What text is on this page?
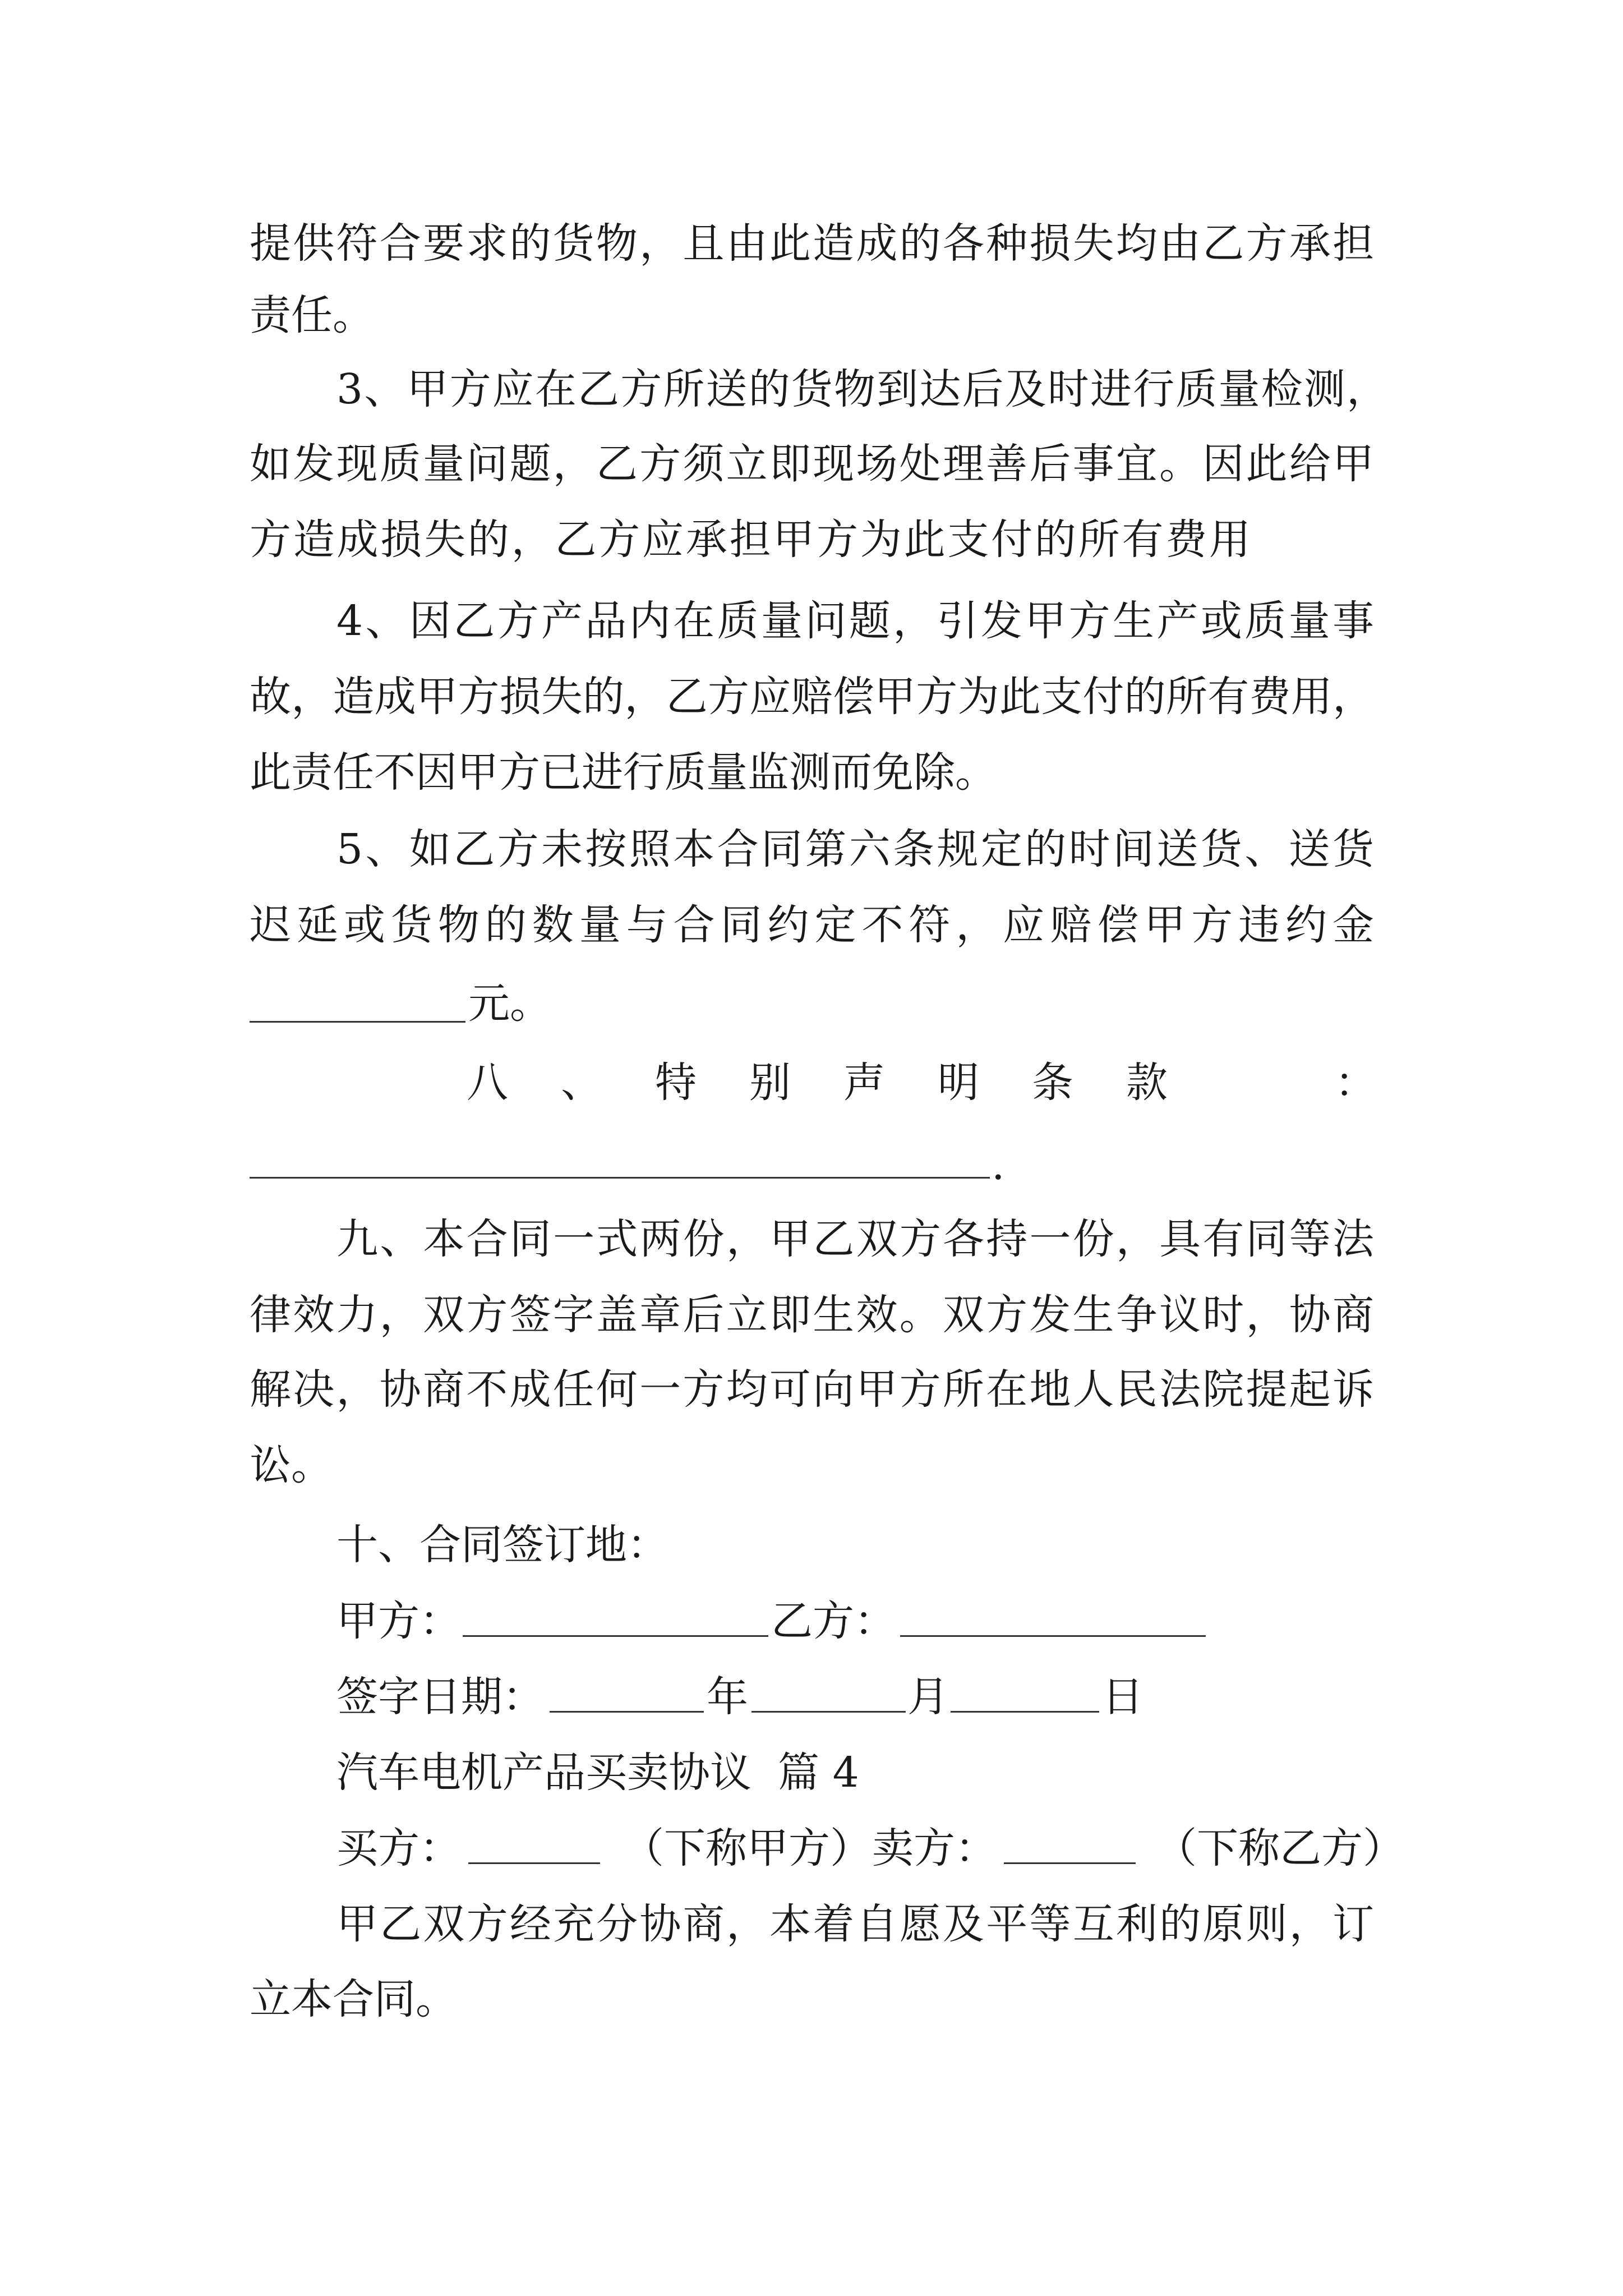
提供符合要求的货物，且由此造成的各种损失均由乙方承担
责任。
3、甲方应在乙方所送的货物到达后及时进行质量检测，
如发现质量问题，乙方须立即现场处理善后事宜。因此给甲
方造成损失的，乙方应承担甲方为此支付的所有费用
4、因乙方产品内在质量问题，引发甲方生产或质量事
故，造成甲方损失的，乙方应赔偿甲方为此支付的所有费用，
此责任不因甲方已进行质量监测而免除。
5、如乙方未按照本合同第六条规定的时间送货、送货
迟延或货物的数量与合同约定不符，应赔偿甲方违约金
元。
八 、 特 别 声 明 条 款	：
.
九、本合同一式两份，甲乙双方各持一份，具有同等法
律效力，双方签字盖章后立即生效。双方发生争议时，协商
解决，协商不成任何一方均可向甲方所在地人民法院提起诉
讼。
十、合同签订地：
甲方：	乙方：
签字日期：	年	月	日
汽车电机产品买卖协议  篇 4
买方：	（下称甲方） 卖方：	（下称乙方）
甲乙双方经充分协商，本着自愿及平等互利的原则，订
立本合同。
